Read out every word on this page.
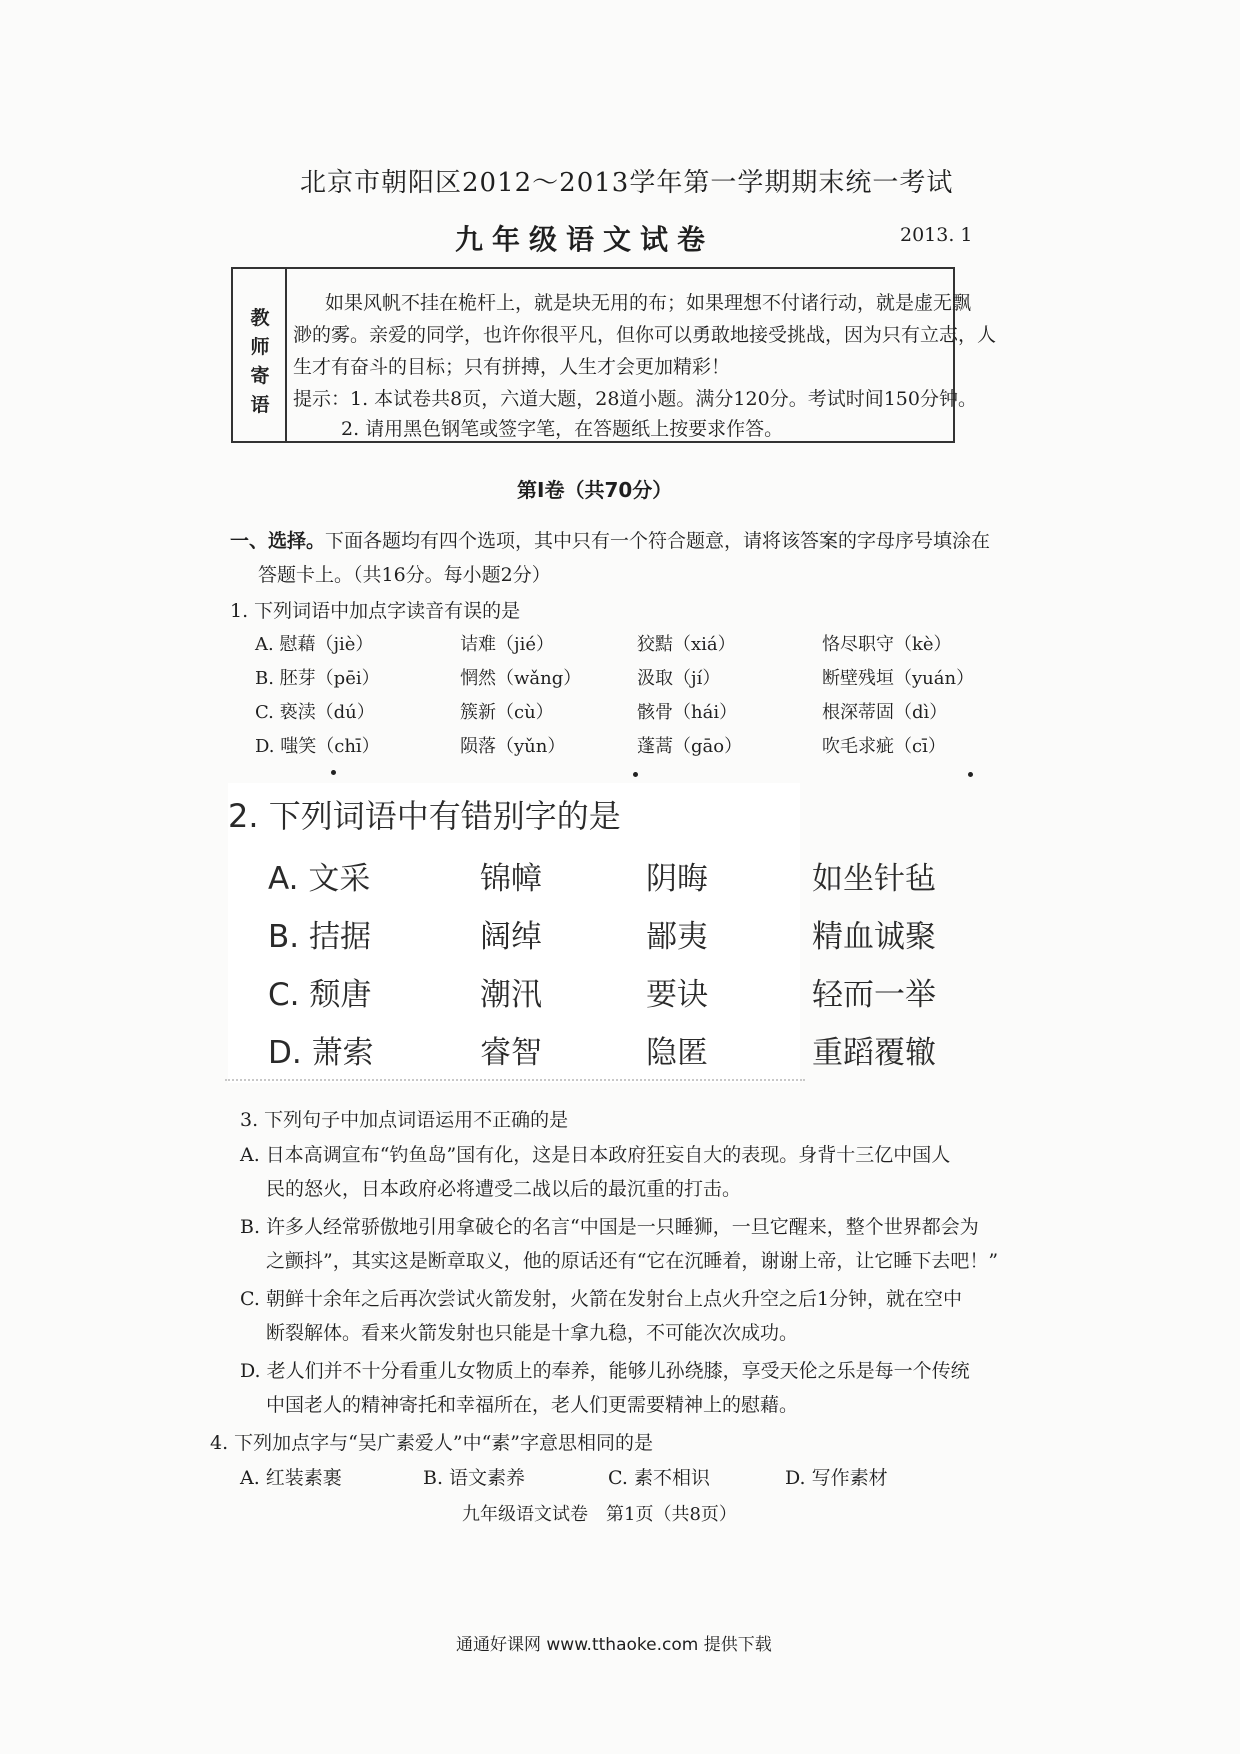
北京市朝阳区2012～2013学年第一学期期末统一考试
九年级语文试卷	2013. 1
教
师
寄
语
如果风帆不挂在桅杆上，就是块无用的布；如果理想不付诸行动，就是虚无飘
渺的雾。亲爱的同学，也许你很平凡，但你可以勇敢地接受挑战，因为只有立志，人
生才有奋斗的目标；只有拼搏，人生才会更加精彩！
提示：1. 本试卷共8页，六道大题，28道小题。满分120分。考试时间150分钟。
2. 请用黑色钢笔或签字笔，在答题纸上按要求作答。
第Ⅰ卷（共70分）
一、选择。下面各题均有四个选项，其中只有一个符合题意，请将该答案的字母序号填涂在
答题卡上。（共16分。每小题2分）
1. 下列词语中加点字读音有误的是
A. 慰藉（jiè）	诘难（jié）	狡黠（xiá）	恪尽职守（kè）
B. 胚芽（pēi）	惘然（wǎng）	汲取（jí）	断壁残垣（yuán）
C. 亵渎（dú）	簇新（cù）	骸骨（hái）	根深蒂固（dì）
D. 嗤笑（chī）	陨落（yǔn）	蓬蒿（gāo）	吹毛求疵（cī）
2. 下列词语中有错别字的是
A. 文采	锦幛	阴晦	如坐针毡
B. 拮据	阔绰	鄙夷	精血诚聚
C. 颓唐	潮汛	要诀	轻而一举
D. 萧索	睿智	隐匿	重蹈覆辙
3. 下列句子中加点词语运用不正确的是
A. 日本高调宣布“钓鱼岛”国有化，这是日本政府狂妄自大的表现。身背十三亿中国人
民的怒火，日本政府必将遭受二战以后的最沉重的打击。
B. 许多人经常骄傲地引用拿破仑的名言“中国是一只睡狮，一旦它醒来，整个世界都会为
之颤抖”，其实这是断章取义，他的原话还有“它在沉睡着，谢谢上帝，让它睡下去吧！”
C. 朝鲜十余年之后再次尝试火箭发射，火箭在发射台上点火升空之后1分钟，就在空中
断裂解体。看来火箭发射也只能是十拿九稳，不可能次次成功。
D. 老人们并不十分看重儿女物质上的奉养，能够儿孙绕膝，享受天伦之乐是每一个传统
中国老人的精神寄托和幸福所在，老人们更需要精神上的慰藉。
4. 下列加点字与“吴广素爱人”中“素”字意思相同的是
A. 红装素裹	B. 语文素养	C. 素不相识	D. 写作素材
九年级语文试卷　第1页（共8页）
通通好课网 www.tthaoke.com 提供下载
